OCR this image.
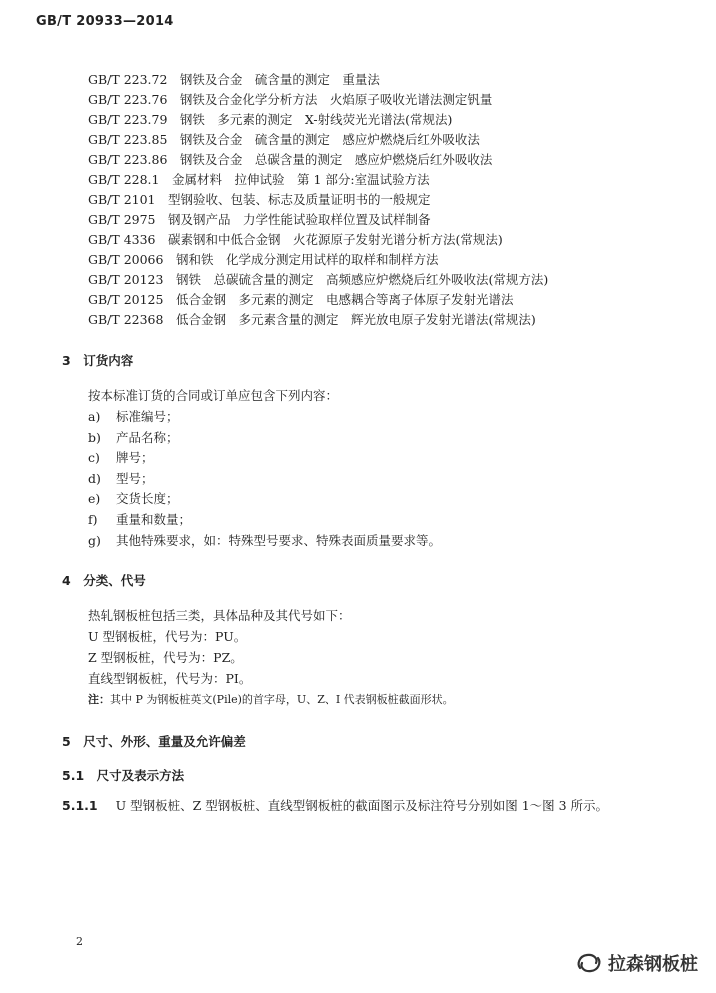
GB/T 20933—2014
GB/T 223.72　钢铁及合金　硫含量的测定　重量法
GB/T 223.76　钢铁及合金化学分析方法　火焰原子吸收光谱法测定钒量
GB/T 223.79　钢铁　多元素的测定　X-射线荧光光谱法(常规法)
GB/T 223.85　钢铁及合金　硫含量的测定　感应炉燃烧后红外吸收法
GB/T 223.86　钢铁及合金　总碳含量的测定　感应炉燃烧后红外吸收法
GB/T 228.1　金属材料　拉伸试验　第 1 部分:室温试验方法
GB/T 2101　型钢验收、包装、标志及质量证明书的一般规定
GB/T 2975　钢及钢产品　力学性能试验取样位置及试样制备
GB/T 4336　碳素钢和中低合金钢　火花源原子发射光谱分析方法(常规法)
GB/T 20066　钢和铁　化学成分测定用试样的取样和制样方法
GB/T 20123　钢铁　总碳硫含量的测定　高频感应炉燃烧后红外吸收法(常规方法)
GB/T 20125　低合金钢　多元素的测定　电感耦合等离子体原子发射光谱法
GB/T 22368　低合金钢　多元素含量的测定　辉光放电原子发射光谱法(常规法)
3　订货内容
按本标准订货的合同或订单应包含下列内容：
a) 标准编号；
b) 产品名称；
c) 牌号；
d) 型号；
e) 交货长度；
f) 重量和数量；
g) 其他特殊要求，如：特殊型号要求、特殊表面质量要求等。
4　分类、代号
热轧钢板桩包括三类，具体品种及其代号如下：
U 型钢板桩，代号为：PU。
Z 型钢板桩，代号为：PZ。
直线型钢板桩，代号为：PI。
注：其中 P 为钢板桩英文(Pile)的首字母，U、Z、I 代表钢板桩截面形状。
5　尺寸、外形、重量及允许偏差
5.1　尺寸及表示方法
5.1.1 U 型钢板桩、Z 型钢板桩、直线型钢板桩的截面图示及标注符号分别如图 1～图 3 所示。
2
拉森钢板桩
